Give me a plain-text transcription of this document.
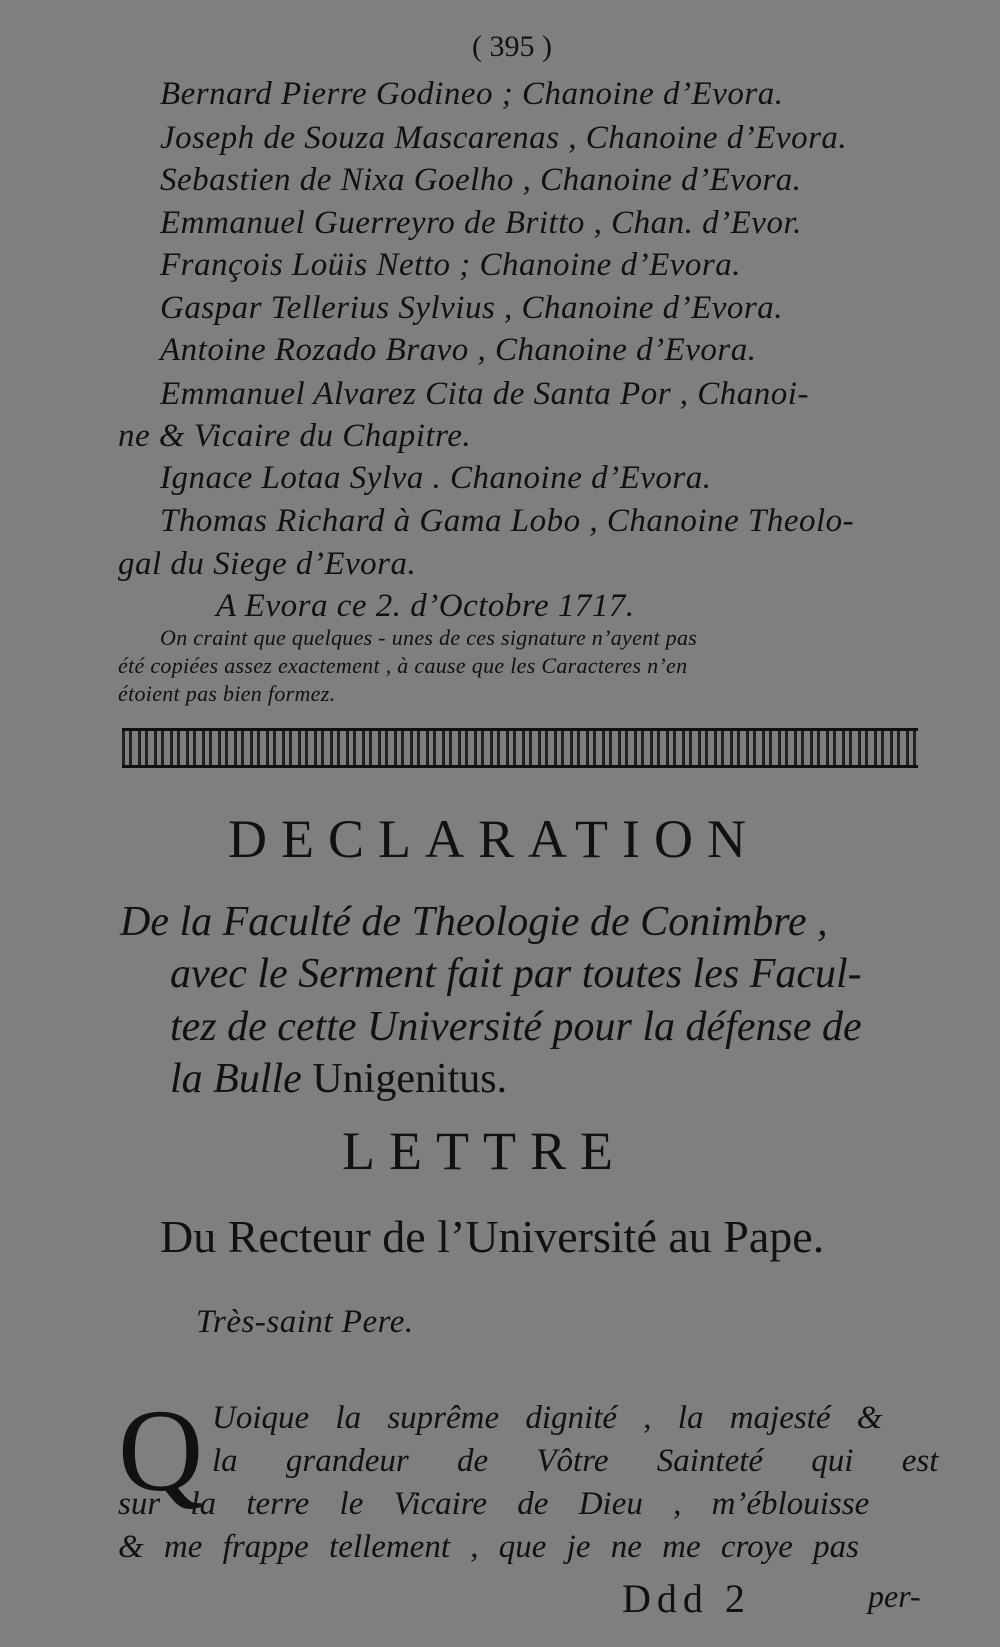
( 395 )
Bernard Pierre Godineo ; Chanoine d’Evora.
Joseph de Souza Mascarenas , Chanoine d’Evora.
Sebastien de Nixa Goelho , Chanoine d’Evora.
Emmanuel Guerreyro de Britto , Chan. d’Evor.
François Loüis Netto ; Chanoine d’Evora.
Gaspar Tellerius Sylvius , Chanoine d’Evora.
Antoine Rozado Bravo , Chanoine d’Evora.
Emmanuel Alvarez Cita de Santa Por , Chanoi-
ne & Vicaire du Chapitre.
Ignace Lotaa Sylva . Chanoine d’Evora.
Thomas Richard à Gama Lobo , Chanoine Theolo-
gal du Siege d’Evora.
A Evora ce 2. d’Octobre 1717.
On craint que quelques - unes de ces signature n’ayent pas
été copiées assez exactement , à cause que les Caracteres n’en
étoient pas bien formez.
DECLARATION
De la Faculté de Theologie de Conimbre ,
avec le Serment fait par toutes les Facul-
tez de cette Université pour la défense de
la Bulle Unigenitus.
LETTRE
Du Recteur de l’Université au Pape.
Très-saint Pere.
Q Uoique la suprême dignité , la majesté &
la grandeur de Vôtre Sainteté qui est
sur la terre le Vicaire de Dieu , m’éblouisse
& me frappe tellement , que je ne me croye pas
Ddd 2	per-
